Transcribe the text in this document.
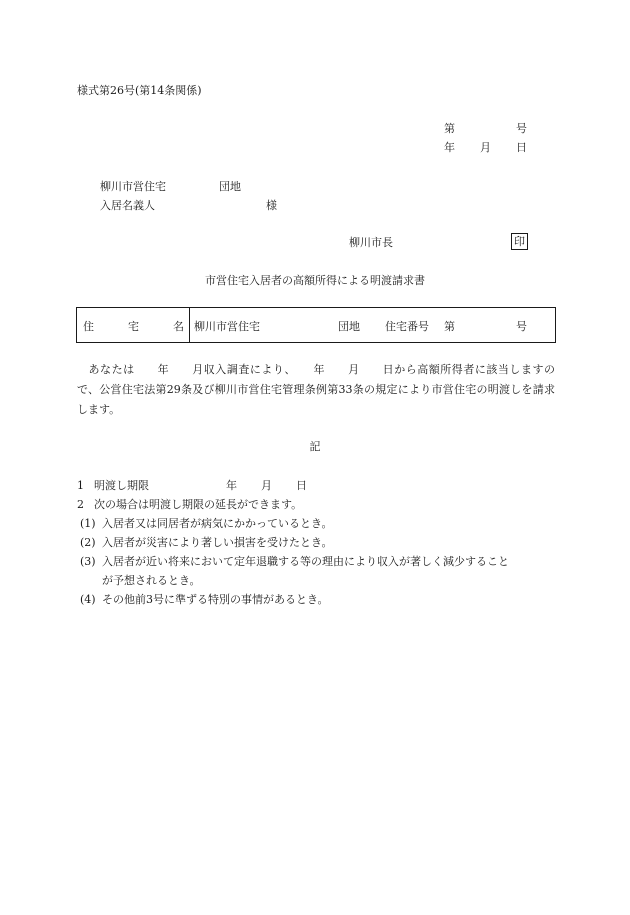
様式第26号(第14条関係)
第	号
年 月 日
柳川市営住宅	団地
入居名義人	様
柳川市長	印
市営住宅入居者の高額所得による明渡請求書
住	宅	名 柳川市営住宅	団地 住宅番号 第	号
　あなたは　　年　　月収入調査により、　　年　　月　　日から高額所得者に該当しますので、公営住宅法第29条及び柳川市営住宅管理条例第33条の規定により市営住宅の明渡しを請求します。
記
1 明渡し期限	年 月 日
2 次の場合は明渡し期限の延長ができます。
(1) 入居者又は同居者が病気にかかっているとき。
(2) 入居者が災害により著しい損害を受けたとき。
(3) 入居者が近い将来において定年退職する等の理由により収入が著しく減少すること
が予想されるとき。
(4) その他前3号に準ずる特別の事情があるとき。
